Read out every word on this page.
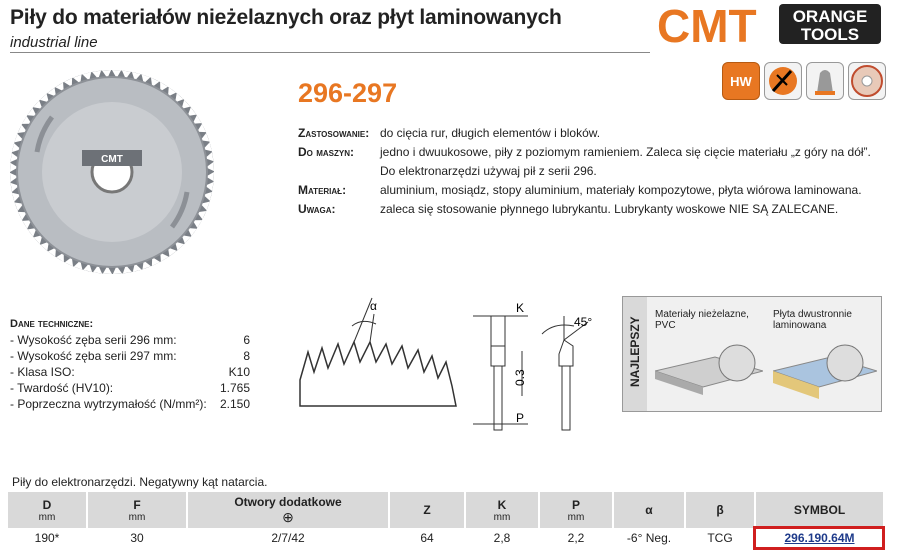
Piły do materiałów nieżelaznych oraz płyt laminowanych
industrial line	CMT ORANGE
TOOLS
CMT
296-297	HW
Zastosowanie: do cięcia rur, długich elementów i bloków.
Do maszyn:	jedno i dwuukosowe, piły z poziomym ramieniem. Zaleca się cięcie materiału „z góry na dół”.
Do elektronarzędzi używaj pił z serii 296.
Materiał:	aluminium, mosiądz, stopy aluminium, materiały kompozytowe, płyta wiórowa laminowana.
Uwaga:	zaleca się stosowanie płynnego lubrykantu. Lubrykanty woskowe NIE SĄ ZALECANE.
Dane techniczne:
- Wysokość zęba serii 296 mm:	6
- Wysokość zęba serii 297 mm:	8
- Klasa ISO:	K10
- Twardość (HV10):	1.765
- Poprzeczna wytrzymałość (N/mm²): 2.150
α	K
P
0.3
45°	NAJLEPSZY
Materiały nieżelazne, PVC
Płyta dwustronnie laminowana
Piły do elektronarzędzi. Negatywny kąt natarcia.
D
mm	F
mm	Otwory dodatkowe
⊕	Z	K
mm	P
mm	α	β	SYMBOL
190*	30	2/7/42	64	2,8	2,2	-6° Neg.	TCG	296.190.64M
